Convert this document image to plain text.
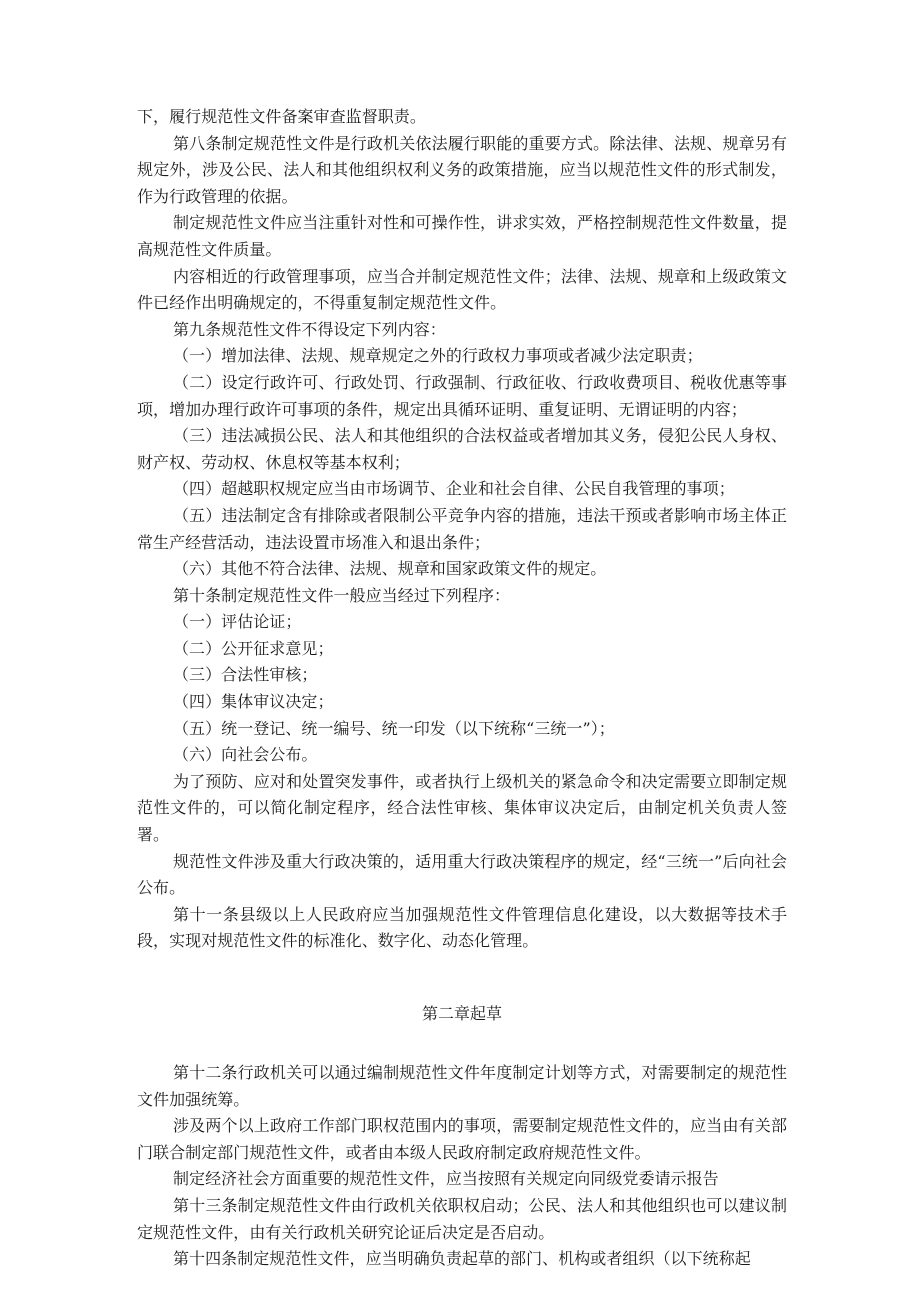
下，履行规范性文件备案审查监督职责。

第八条制定规范性文件是行政机关依法履行职能的重要方式。除法律、法规、规章另有规定外，涉及公民、法人和其他组织权利义务的政策措施，应当以规范性文件的形式制发，作为行政管理的依据。

制定规范性文件应当注重针对性和可操作性，讲求实效，严格控制规范性文件数量，提高规范性文件质量。

内容相近的行政管理事项，应当合并制定规范性文件；法律、法规、规章和上级政策文件已经作出明确规定的，不得重复制定规范性文件。

第九条规范性文件不得设定下列内容：

（一）增加法律、法规、规章规定之外的行政权力事项或者减少法定职责；

（二）设定行政许可、行政处罚、行政强制、行政征收、行政收费项目、税收优惠等事项，增加办理行政许可事项的条件，规定出具循环证明、重复证明、无谓证明的内容；

（三）违法减损公民、法人和其他组织的合法权益或者增加其义务，侵犯公民人身权、财产权、劳动权、休息权等基本权利；

（四）超越职权规定应当由市场调节、企业和社会自律、公民自我管理的事项；

（五）违法制定含有排除或者限制公平竞争内容的措施，违法干预或者影响市场主体正常生产经营活动，违法设置市场准入和退出条件；

（六）其他不符合法律、法规、规章和国家政策文件的规定。

第十条制定规范性文件一般应当经过下列程序：

（一）评估论证；

（二）公开征求意见；

（三）合法性审核；

（四）集体审议决定；

（五）统一登记、统一编号、统一印发（以下统称“三统一”）；

（六）向社会公布。

为了预防、应对和处置突发事件，或者执行上级机关的紧急命令和决定需要立即制定规范性文件的，可以简化制定程序，经合法性审核、集体审议决定后，由制定机关负责人签署。

规范性文件涉及重大行政决策的，适用重大行政决策程序的规定，经“三统一”后向社会公布。

第十一条县级以上人民政府应当加强规范性文件管理信息化建设，以大数据等技术手段，实现对规范性文件的标准化、数字化、动态化管理。

第二章起草

第十二条行政机关可以通过编制规范性文件年度制定计划等方式，对需要制定的规范性文件加强统筹。

涉及两个以上政府工作部门职权范围内的事项，需要制定规范性文件的，应当由有关部门联合制定部门规范性文件，或者由本级人民政府制定政府规范性文件。

制定经济社会方面重要的规范性文件，应当按照有关规定向同级党委请示报告

第十三条制定规范性文件由行政机关依职权启动；公民、法人和其他组织也可以建议制定规范性文件，由有关行政机关研究论证后决定是否启动。

第十四条制定规范性文件，应当明确负责起草的部门、机构或者组织（以下统称起
